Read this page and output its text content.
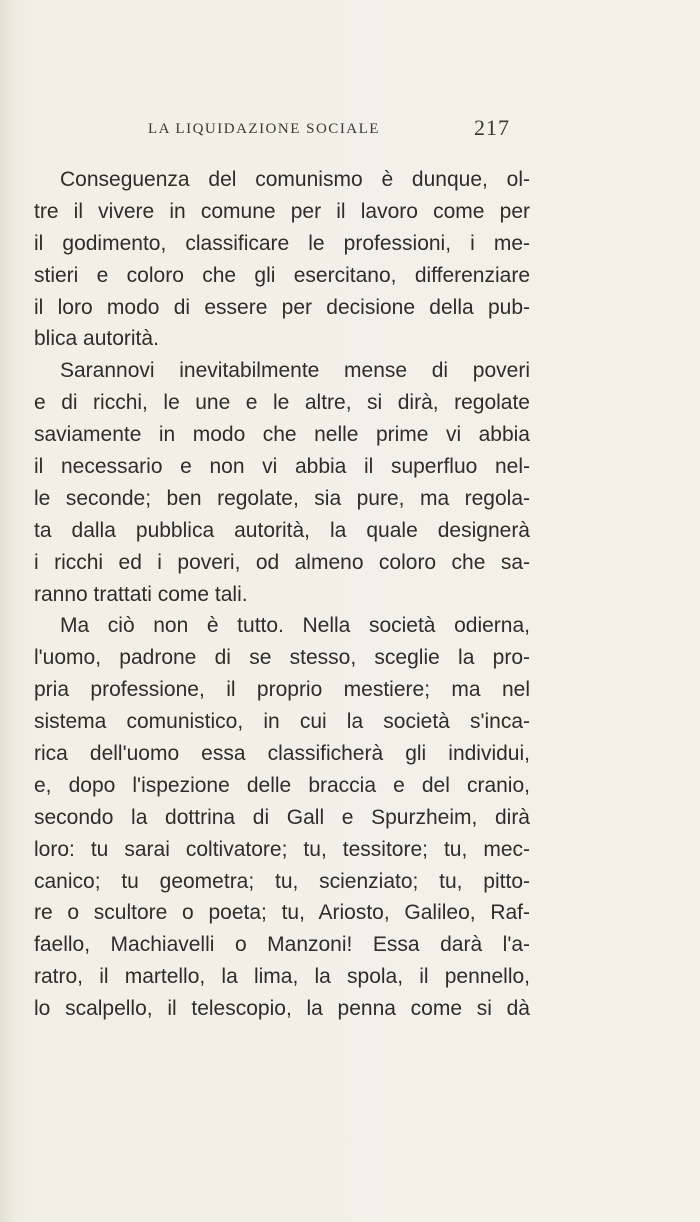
LA LIQUIDAZIONE SOCIALE	217
Conseguenza del comunismo è dunque, ol-
tre il vivere in comune per il lavoro come per
il godimento, classificare le professioni, i me-
stieri e coloro che gli esercitano, differenziare
il loro modo di essere per decisione della pub-
blica autorità.
Sarannovi inevitabilmente mense di poveri
e di ricchi, le une e le altre, si dirà, regolate
saviamente in modo che nelle prime vi abbia
il necessario e non vi abbia il superfluo nel-
le seconde; ben regolate, sia pure, ma regola-
ta dalla pubblica autorità, la quale designerà
i ricchi ed i poveri, od almeno coloro che sa-
ranno trattati come tali.
Ma ciò non è tutto. Nella società odierna,
l'uomo, padrone di se stesso, sceglie la pro-
pria professione, il proprio mestiere; ma nel
sistema comunistico, in cui la società s'inca-
rica dell'uomo essa classificherà gli individui,
e, dopo l'ispezione delle braccia e del cranio,
secondo la dottrina di Gall e Spurzheim, dirà
loro: tu sarai coltivatore; tu, tessitore; tu, mec-
canico; tu geometra; tu, scienziato; tu, pitto-
re o scultore o poeta; tu, Ariosto, Galileo, Raf-
faello, Machiavelli o Manzoni! Essa darà l'a-
ratro, il martello, la lima, la spola, il pennello,
lo scalpello, il telescopio, la penna come si dà
